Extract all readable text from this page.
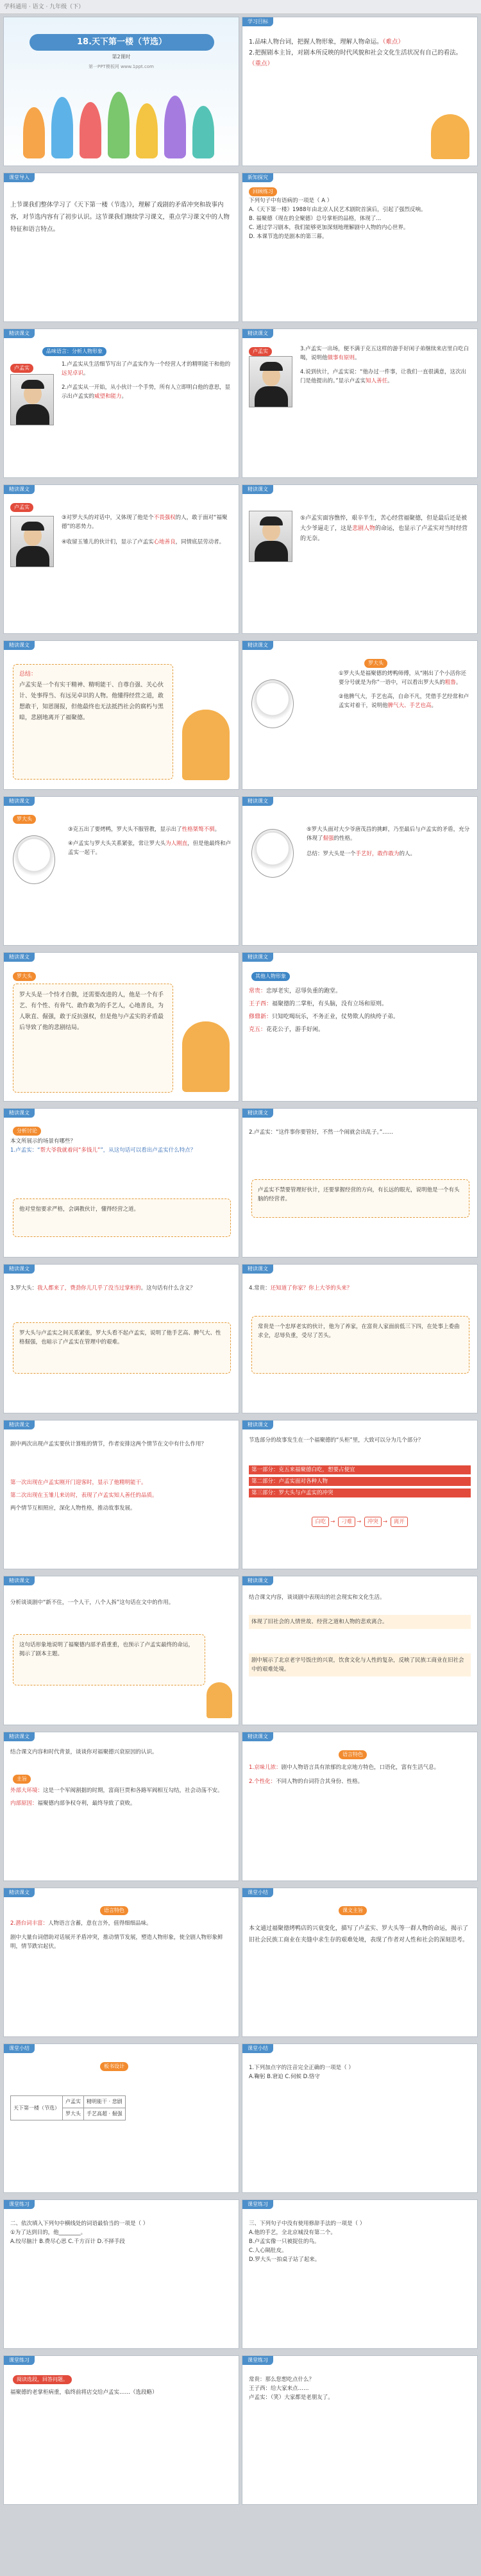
学科通用 · 语文 · 九年级（下）
18.天下第一楼（节选）
第2课时
第一PPT模板网 www.1ppt.com
学习目标

1.品味人物台词，把握人物形象，理解人物命运。（难点）

2.把握剧本主旨，对剧本所反映的时代风貌和社会文化生活状况有自己的看法。（重点）

课堂导入
上节课我们整体学习了《天下第一楼（节选）》，理解了戏剧的矛盾冲突和故事内容，对节选内容有了初步认识。这节课我们继续学习课文，重点学习课文中的人物特征和语言特点。
新知探究

回顾练习

下列句子中有语病的一项是（ A ）

A.《天下第一楼》1988年由北京人民艺术剧院首演后，引起了强烈反响。

B. 福聚德（现在的全聚德）总号掌柜的品格，体现了...

C. 通过学习剧本，我们能够更加深刻地理解剧中人物的内心世界。

D. 本课节选的是剧本的第三幕。

精读课文
品味语言：分析人物形象
卢孟实

1.卢孟实从生活细节写出了卢孟实作为一个经营人才的精明能干和他的远见卓识。

2.卢孟实从一开始，从小伙计一个手势，所有人立即明白他的意思，显示出卢孟实的威望和能力。

精读课文
卢孟实	3.卢孟实一出场，便不满于克五这样的游手好闲子弟继续来店里白吃白喝，说明他做事有原则。

4.说到伙计，卢孟实说：“他办过一件事，让我们一直很满意，这次出门是他提出的。”显示卢孟实知人善任。

精读课文
卢孟实

③对罗大头的对话中，又体现了他是个不畏强权的人，敢于面对“福聚德”的恶势力。

④收留玉雏儿的伙计们，显示了卢孟实心地善良，同情底层劳动者。

精读课文

⑤卢孟实面容憔悴，艰辛半生，苦心经营福聚德，但是最后还是被大少爷逼走了，这是悲剧人物的命运，也显示了卢孟实对当时经营的无奈。

精读课文

总结：

卢孟实是一个有实干精神、精明能干、自尊自强、关心伙计、处事得当、有远见卓识的人物。他懂得经营之道，敢想敢干，知恩图报，但他最终也无法抵挡社会的腐朽与黑暗，悲剧地离开了福聚德。

精读课文
罗大头

①罗大头是福聚德的烤鸭师傅，从“刚出了个小活你还要分号就是为你”一语中，可以看出罗大头的粗鲁。

②他脾气大，手艺也高，自命不凡，凭借手艺经常和卢孟实对着干，说明他脾气大、手艺也高。

精读课文
罗大头

③克五出了要烤鸭，罗大头不服管教，显示出了性格桀骜不驯。

④卢孟实与罗大头关系紧张，常让罗大头为人刚直，但是他最终和卢孟实一起干。

精读课文

⑤罗大头面对大少爷唐茂昌的挑衅，乃至最后与卢孟实的矛盾，充分体现了倔强的性格。

总结：罗大头是一个手艺好，敢作敢为的人。

精读课文
罗大头
罗大头是一个恃才自傲，还需要改进的人，他是一个有手艺、有个性、有骨气、敢作敢为的手艺人，心地善良，为人耿直、倔强，敢于反抗强权，但是他与卢孟实的矛盾最后导致了他的悲剧结局。
精读课文
其他人物形象

常贵：忠厚老实，忍辱负重的跑堂。

王子西：福聚德的二掌柜，有头脑，没有立场和原则。

修鼎新：只知吃喝玩乐，不务正业，仗势欺人的纨绔子弟。

克五：花花公子，游手好闲。

精读课文
分析讨论

本文所展示的场景有哪些？

1.卢孟实：“帮大爷我就着问“多钱儿””，从这句话可以看出卢孟实什么特点？

他对堂倌要求严格，会调教伙计，懂得经营之道。
精读课文
2.卢孟实：“这件事你要管好，不然一个闹就会出乱子。”……
卢孟实不禁要管理好伙计，还要掌握经营的方向，有长远的眼光，说明他是一个有头脑的经营者。
精读课文

3.罗大头：我人都来了，费劲你儿几乎了没当过掌柜的。这句话有什么含义？

罗大头与卢孟实之间关系紧张，罗大头看不起卢孟实，说明了他手艺高、脾气大、性格倔强，也暗示了卢孟实在管理中的艰难。
精读课文

4.常贵：还知道了你家？你上大爷的头来？

常贵是一个忠厚老实的伙计，他为了养家，在富贵人家面前低三下四，在处事上委曲求全，忍辱负重，受尽了苦头。
精读课文
剧中两次出现卢孟实要伙计算账的情节，作者安排这两个情节在文中有什么作用？

第一次出现在卢孟实刚开门迎客时，显示了他精明能干。

第二次出现在玉雏儿来访时，表现了卢孟实知人善任的品质。

两个情节互相照应，深化人物性格，推动故事发展。

精读课文
节选部分的故事发生在一个福聚德的“头柜”里，大致可以分为几个部分？

第一部分：克五来福聚德白吃，想要占便宜

第二部分：卢孟实面对各种人物

第三部分：罗大头与卢孟实的冲突

白吃 → 刁难 → 冲突 → 离开
精读课文
分析谈谈剧中“新不住，一个人干，八个人拆”这句话在文中的作用。
这句话形象地说明了福聚德内部矛盾重重，也预示了卢孟实最终的命运，揭示了剧本主题。
精读课文
结合课文内容，谈谈剧中表现出的社会现实和文化生活。
体现了旧社会的人情世故、经营之道和人物的悲欢离合。
剧中展示了北京老字号饭庄的兴衰，饮食文化与人性的复杂，反映了民族工商业在旧社会中的艰难处境。
精读课文
结合课文内容和时代背景，谈谈你对福聚德兴衰原因的认识。
主旨

外部大环境：这是一个军阀割据的时期，富商巨贾和各路军阀相互勾结，社会动荡不安。

内部原因：福聚德内部争权夺利，最终导致了衰败。

精读课文
语言特色

1.京味儿浓：剧中人物语言具有浓郁的北京地方特色，口语化，富有生活气息。

2.个性化：不同人物的台词符合其身份、性格。

精读课文
语言特色

2.潜台词丰富：人物语言含蓄，意在言外，值得细细品味。

剧中大量台词借助对话展开矛盾冲突，推动情节发展，塑造人物形象，使全剧人物形象鲜明，情节跌宕起伏。

课堂小结
课文主旨
本文通过福聚德烤鸭店的兴衰变化，描写了卢孟实、罗大头等一群人物的命运，揭示了旧社会民族工商业在夹缝中求生存的艰难处境，表现了作者对人性和社会的深刻思考。
课堂小结
板书设计
天下第一楼（节选）	卢孟实	精明能干 · 悲剧
	罗大头	手艺高超 · 倔强
课堂小结

1.下列加点字的注音完全正确的一项是（ ）

A.鞠躬 B.窘迫 C.伺候 D.恪守

课堂练习

二、依次填入下列句中横线处的词语最恰当的一项是（ ）

①为了达到目的，他________。

A.绞尽脑汁 B.费尽心思 C.千方百计 D.不择手段

课堂练习

三、下列句子中没有使用修辞手法的一项是（ ）

A.他的手艺，全北京城没有第二个。

B.卢孟实像一只被捉住的鸟。

C.人心隔肚皮。

D.罗大头一拍桌子站了起来。

课堂练习
阅读选段，回答问题。
福聚德的老掌柜病重，临终前将店交给卢孟实……（选段略）
课堂练习

常贵：那么您想吃点什么？

王子西：给大家来点……

卢孟实：（笑）大家都是老朋友了。
